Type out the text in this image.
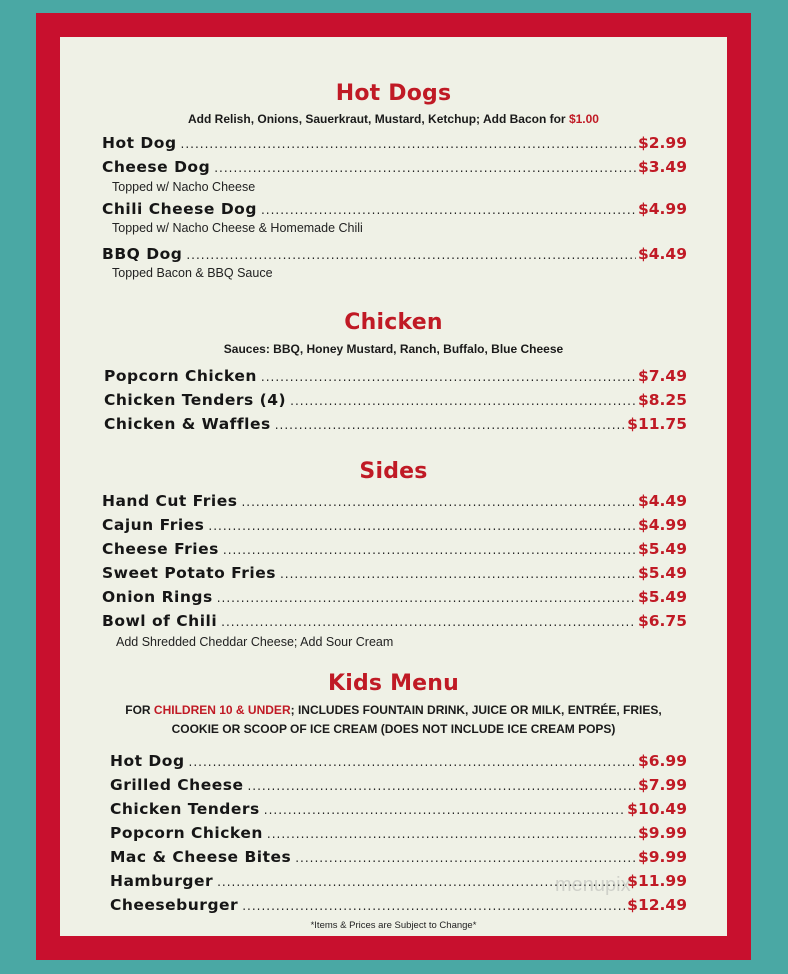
Hot Dogs
Add Relish, Onions, Sauerkraut, Mustard, Ketchup; Add Bacon for $1.00
Hot Dog .....	$2.99
Cheese Dog .....	$3.49
Topped w/ Nacho Cheese
Chili Cheese Dog .....	$4.99
Topped w/ Nacho Cheese & Homemade Chili
BBQ Dog .....	$4.49
Topped Bacon & BBQ Sauce
Chicken
Sauces: BBQ, Honey Mustard, Ranch, Buffalo, Blue Cheese
Popcorn Chicken .....	$7.49
Chicken Tenders (4) .....	$8.25
Chicken & Waffles .....	$11.75
Sides
Hand Cut Fries .....	$4.49
Cajun Fries .....	$4.99
Cheese Fries .....	$5.49
Sweet Potato Fries .....	$5.49
Onion Rings .....	$5.49
Bowl of Chili .....	$6.75
Add Shredded Cheddar Cheese; Add Sour Cream
Kids Menu
FOR CHILDREN 10 & UNDER; INCLUDES FOUNTAIN DRINK, JUICE OR MILK, ENTRÉE, FRIES,
COOKIE OR SCOOP OF ICE CREAM (DOES NOT INCLUDE ICE CREAM POPS)
Hot Dog .....	$6.99
Grilled Cheese .....	$7.99
Chicken Tenders .....	$10.49
Popcorn Chicken .....	$9.99
Mac & Cheese Bites .....	$9.99
Hamburger .....	$11.99
Cheeseburger .....	$12.49
*Items & Prices are Subject to Change*
menupix
